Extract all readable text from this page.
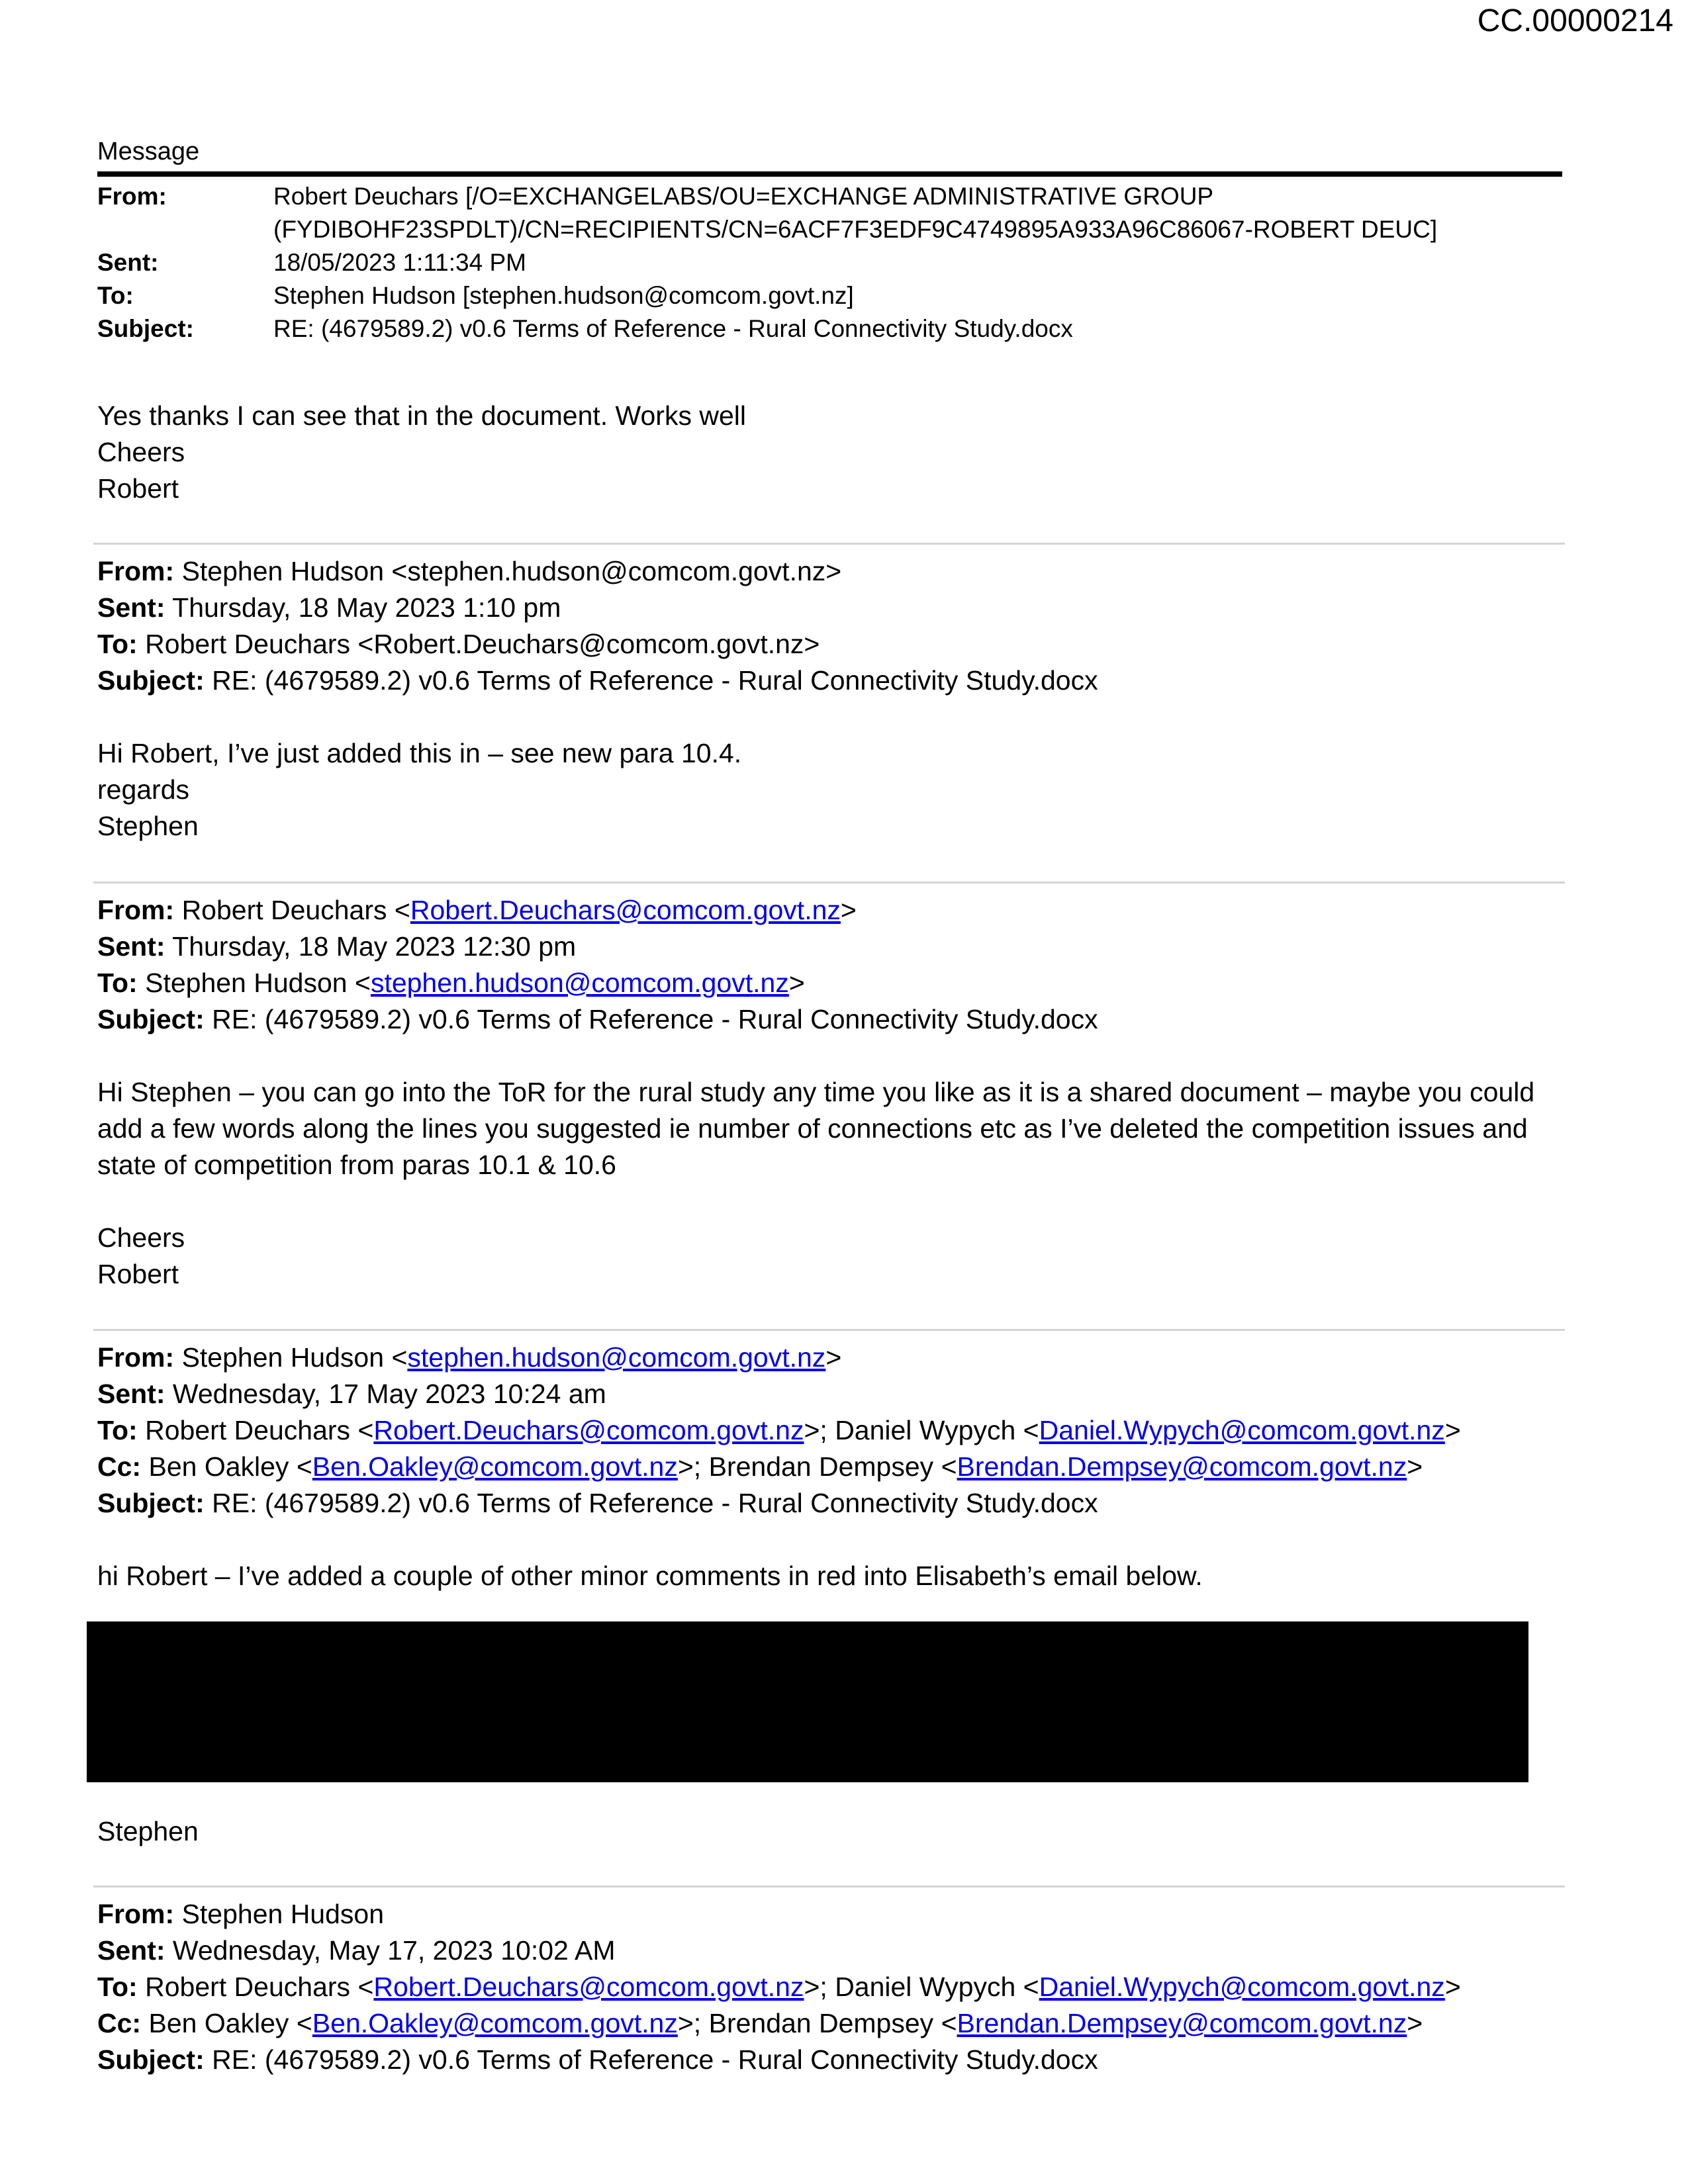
CC.00000214
Message
From:	Robert Deuchars [/O=EXCHANGELABS/OU=EXCHANGE ADMINISTRATIVE GROUP
(FYDIBOHF23SPDLT)/CN=RECIPIENTS/CN=6ACF7F3EDF9C4749895A933A96C86067-ROBERT DEUC]
Sent:	18/05/2023 1:11:34 PM
To:	Stephen Hudson [stephen.hudson@comcom.govt.nz]
Subject:	RE: (4679589.2) v0.6 Terms of Reference - Rural Connectivity Study.docx
Yes thanks I can see that in the document. Works well
Cheers
Robert
From: Stephen Hudson <stephen.hudson@comcom.govt.nz>
Sent: Thursday, 18 May 2023 1:10 pm
To: Robert Deuchars <Robert.Deuchars@comcom.govt.nz>
Subject: RE: (4679589.2) v0.6 Terms of Reference - Rural Connectivity Study.docx
Hi Robert, I’ve just added this in – see new para 10.4.
regards
Stephen
From: Robert Deuchars <Robert.Deuchars@comcom.govt.nz>
Sent: Thursday, 18 May 2023 12:30 pm
To: Stephen Hudson <stephen.hudson@comcom.govt.nz>
Subject: RE: (4679589.2) v0.6 Terms of Reference - Rural Connectivity Study.docx
Hi Stephen – you can go into the ToR for the rural study any time you like as it is a shared document – maybe you could
add a few words along the lines you suggested ie number of connections etc as I’ve deleted the competition issues and
state of competition from paras 10.1 & 10.6
Cheers
Robert
From: Stephen Hudson <stephen.hudson@comcom.govt.nz>
Sent: Wednesday, 17 May 2023 10:24 am
To: Robert Deuchars <Robert.Deuchars@comcom.govt.nz>; Daniel Wypych <Daniel.Wypych@comcom.govt.nz>
Cc: Ben Oakley <Ben.Oakley@comcom.govt.nz>; Brendan Dempsey <Brendan.Dempsey@comcom.govt.nz>
Subject: RE: (4679589.2) v0.6 Terms of Reference - Rural Connectivity Study.docx
hi Robert – I’ve added a couple of other minor comments in red into Elisabeth’s email below.
Stephen
From: Stephen Hudson
Sent: Wednesday, May 17, 2023 10:02 AM
To: Robert Deuchars <Robert.Deuchars@comcom.govt.nz>; Daniel Wypych <Daniel.Wypych@comcom.govt.nz>
Cc: Ben Oakley <Ben.Oakley@comcom.govt.nz>; Brendan Dempsey <Brendan.Dempsey@comcom.govt.nz>
Subject: RE: (4679589.2) v0.6 Terms of Reference - Rural Connectivity Study.docx
